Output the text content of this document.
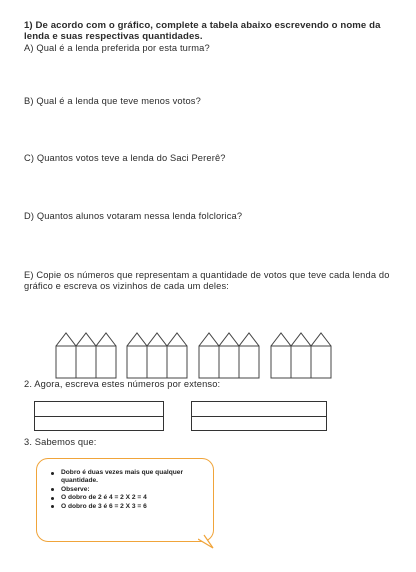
1) De acordo com o gráfico, complete a tabela abaixo escrevendo o nome da lenda e suas respectivas quantidades.
A) Qual é a lenda preferida por esta turma?
B) Qual é a lenda que teve menos votos?
C) Quantos votos teve a lenda do Saci Pererê?
D) Quantos alunos votaram nessa lenda folclorica?
E) Copie os números que representam a quantidade de votos que teve cada lenda do gráfico e escreva os vizinhos de cada um deles:
2. Agora, escreva estes números por extenso:
3. Sabemos que:
Dobro é duas vezes mais que qualquer quantidade.
Observe:
O dobro de 2 é 4 = 2 X 2 = 4
O dobro de 3 é 6 = 2 X 3 = 6
